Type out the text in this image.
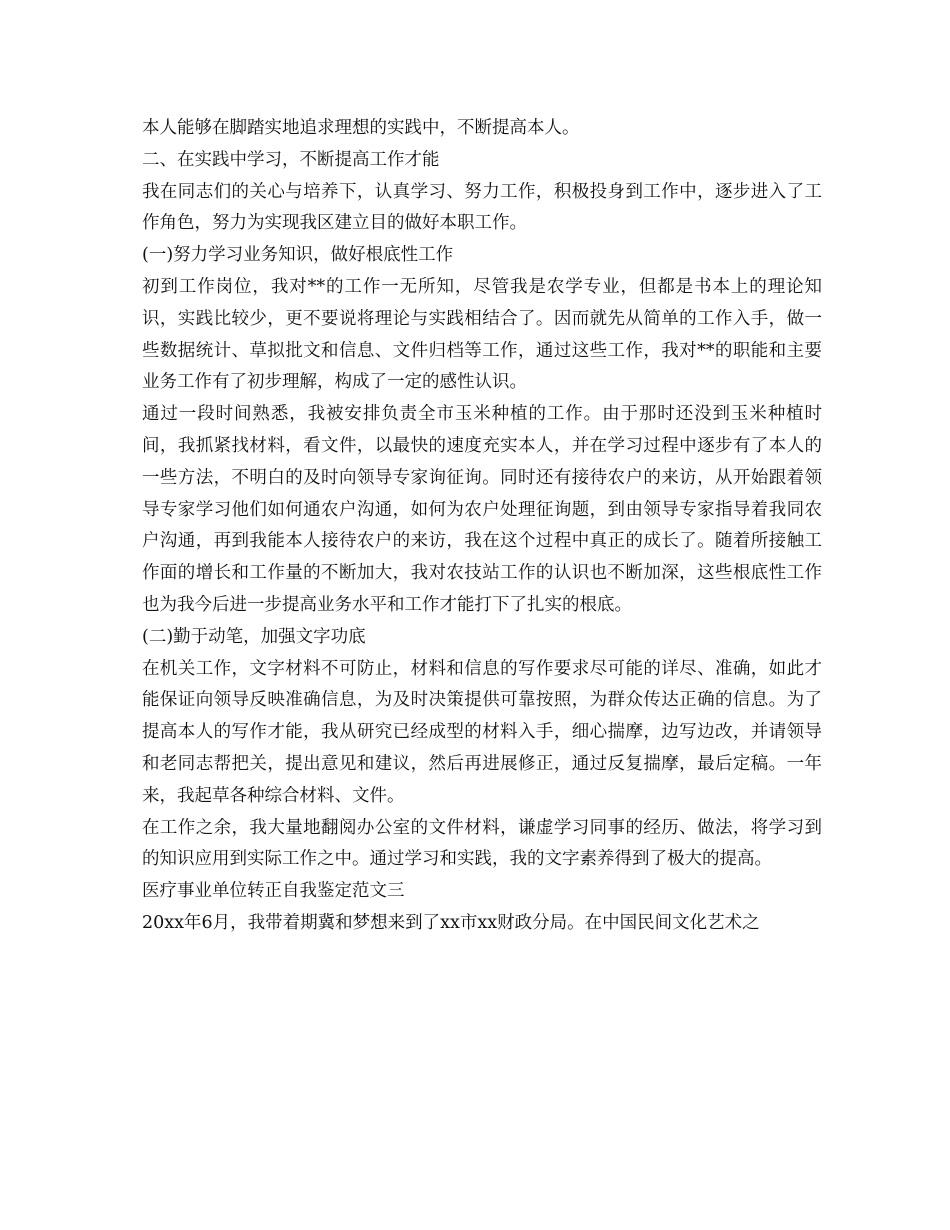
本人能够在脚踏实地追求理想的实践中，不断提高本人。

二、在实践中学习，不断提高工作才能

我在同志们的关心与培养下，认真学习、努力工作，积极投身到工作中，逐步进入了工作角色，努力为实现我区建立目的做好本职工作。

(一)努力学习业务知识，做好根底性工作

初到工作岗位，我对**的工作一无所知，尽管我是农学专业，但都是书本上的理论知识，实践比较少，更不要说将理论与实践相结合了。因而就先从简单的工作入手，做一些数据统计、草拟批文和信息、文件归档等工作，通过这些工作，我对**的职能和主要业务工作有了初步理解，构成了一定的感性认识。

通过一段时间熟悉，我被安排负责全市玉米种植的工作。由于那时还没到玉米种植时间，我抓紧找材料，看文件，以最快的速度充实本人，并在学习过程中逐步有了本人的一些方法，不明白的及时向领导专家询征询。同时还有接待农户的来访，从开始跟着领导专家学习他们如何通农户沟通，如何为农户处理征询题，到由领导专家指导着我同农户沟通，再到我能本人接待农户的来访，我在这个过程中真正的成长了。随着所接触工作面的增长和工作量的不断加大，我对农技站工作的认识也不断加深，这些根底性工作也为我今后进一步提高业务水平和工作才能打下了扎实的根底。

(二)勤于动笔，加强文字功底

在机关工作，文字材料不可防止，材料和信息的写作要求尽可能的详尽、准确，如此才能保证向领导反映准确信息，为及时决策提供可靠按照，为群众传达正确的信息。为了提高本人的写作才能，我从研究已经成型的材料入手，细心揣摩，边写边改，并请领导和老同志帮把关，提出意见和建议，然后再进展修正，通过反复揣摩，最后定稿。一年来，我起草各种综合材料、文件。

在工作之余，我大量地翻阅办公室的文件材料，谦虚学习同事的经历、做法，将学习到的知识应用到实际工作之中。通过学习和实践，我的文字素养得到了极大的提高。

医疗事业单位转正自我鉴定范文三

20xx年6月，我带着期冀和梦想来到了xx市xx财政分局。在中国民间文化艺术之
